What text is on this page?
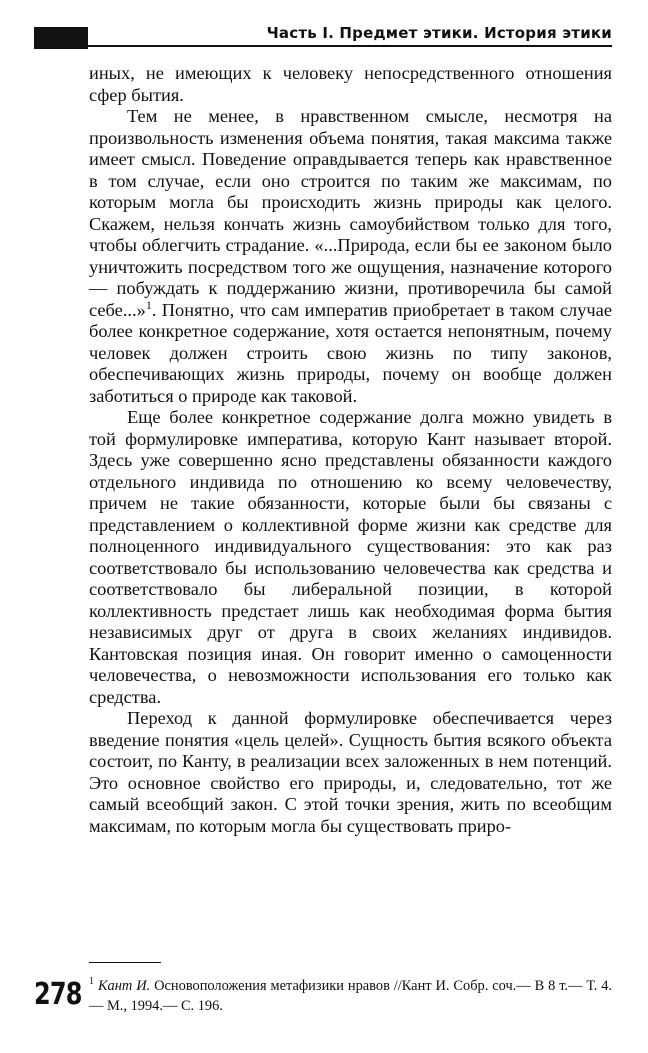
Часть I. Предмет этики. История этики

иных, не имеющих к человеку непосредственного отношения сфер бытия.

Тем не менее, в нравственном смысле, несмотря на произвольность изменения объема понятия, такая максима также имеет смысл. Поведение оправдывается теперь как нравственное в том случае, если оно строится по таким же максимам, по которым могла бы происходить жизнь природы как целого. Скажем, нельзя кончать жизнь самоубийством только для того, чтобы облегчить страдание. «...Природа, если бы ее законом было уничтожить посредством того же ощущения, назначение которого — побуждать к поддержанию жизни, противоречила бы самой себе...»$^1$. Понятно, что сам императив приобретает в таком случае более конкретное содержание, хотя остается непонятным, почему человек должен строить свою жизнь по типу законов, обеспечивающих жизнь природы, почему он вообще должен заботиться о природе как таковой.

Еще более конкретное содержание долга можно увидеть в той формулировке императива, которую Кант называет второй. Здесь уже совершенно ясно представлены обязанности каждого отдельного индивида по отношению ко всему человечеству, причем не такие обязанности, которые были бы связаны с представлением о коллективной форме жизни как средстве для полноценного индивидуального существования: это как раз соответствовало бы использованию человечества как средства и соответствовало бы либеральной позиции, в которой коллективность предстает лишь как необходимая форма бытия независимых друг от друга в своих желаниях индивидов. Кантовская позиция иная. Он говорит именно о самоценности человечества, о невозможности использования его только как средства.

Переход к данной формулировке обеспечивается через введение понятия «цель целей». Сущность бытия всякого объекта состоит, по Канту, в реализации всех заложенных в нем потенций. Это основное свойство его природы, и, следовательно, тот же самый всеобщий закон. С этой точки зрения, жить по всеобщим максимам, по которым могла бы существовать приро-

$^1$ Кант И. Основоположения метафизики нравов //Кант И. Собр. соч.— В 8 т.— Т. 4.— М., 1994.— С. 196.
278
